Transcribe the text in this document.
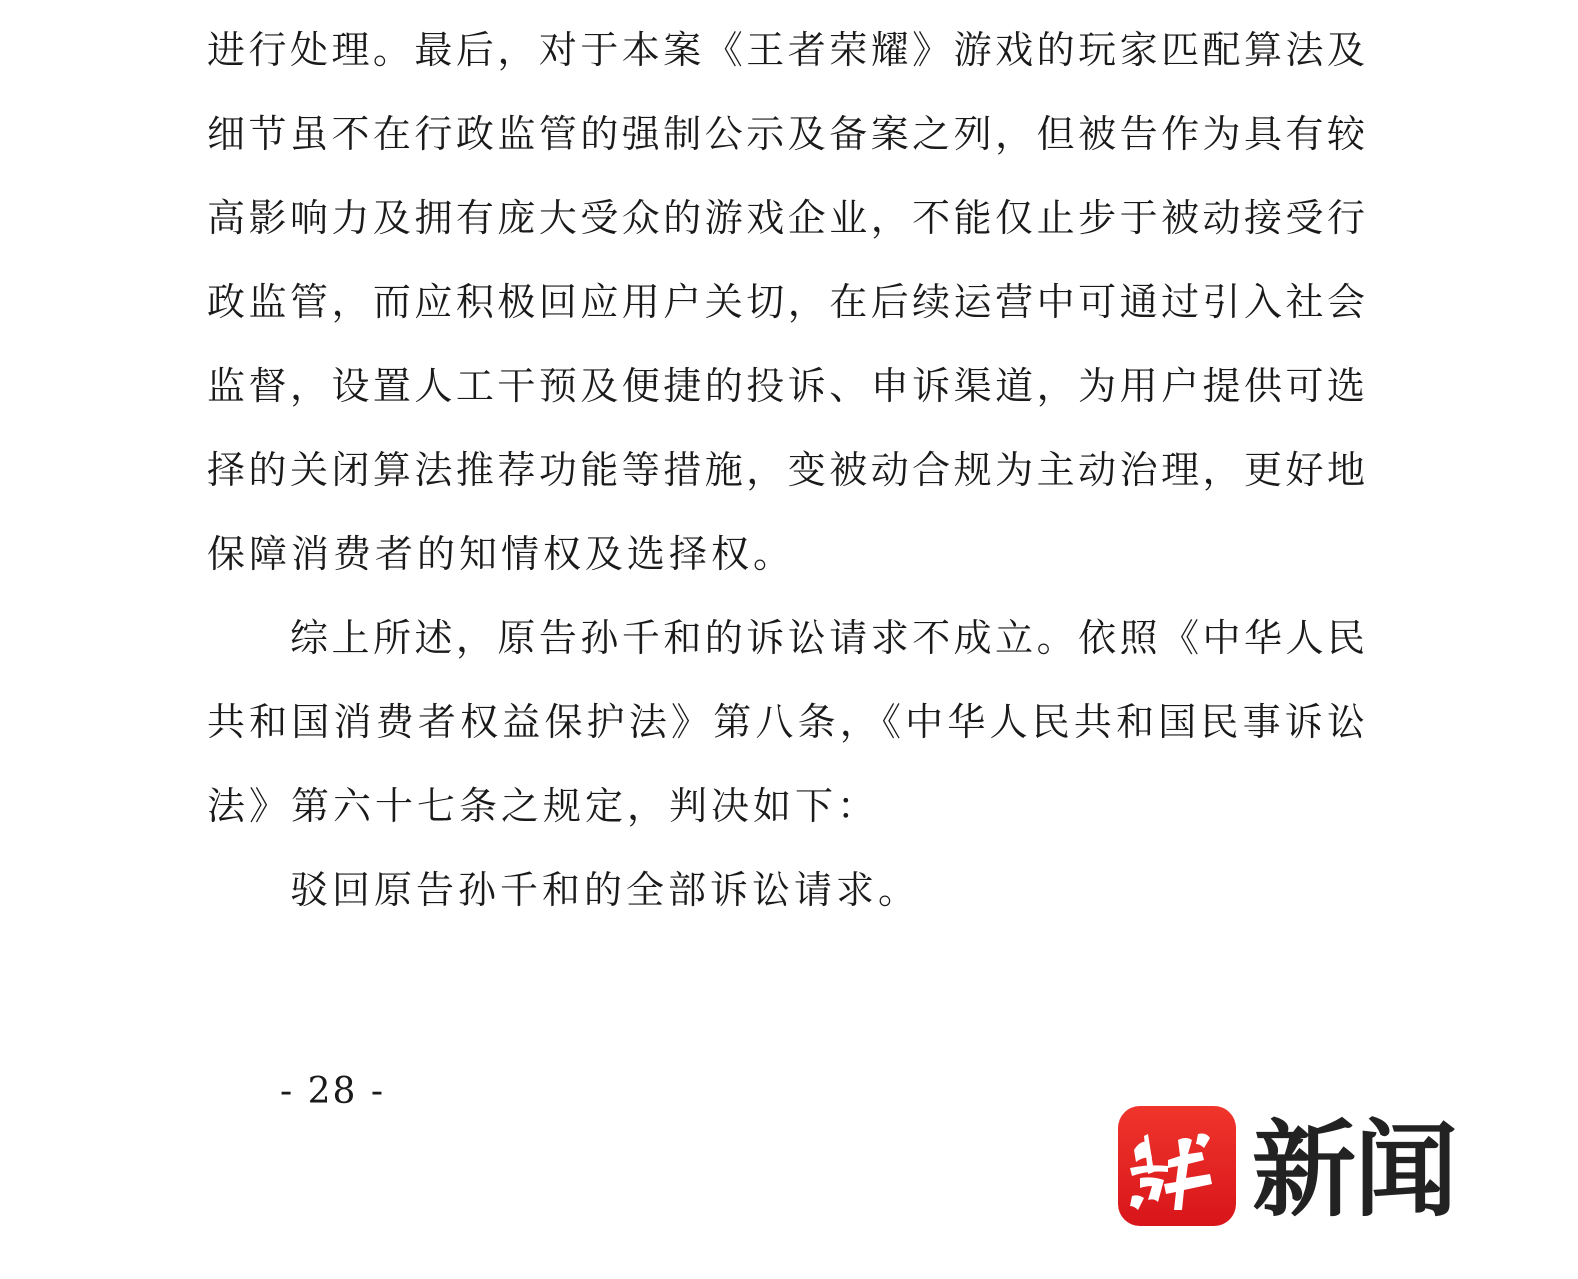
进行处理。最后，对于本案《王者荣耀》游戏的玩家匹配算法及
细节虽不在行政监管的强制公示及备案之列，但被告作为具有较
高影响力及拥有庞大受众的游戏企业，不能仅止步于被动接受行
政监管，而应积极回应用户关切，在后续运营中可通过引入社会
监督，设置人工干预及便捷的投诉、申诉渠道，为用户提供可选
择的关闭算法推荐功能等措施，变被动合规为主动治理，更好地
保障消费者的知情权及选择权。
综上所述，原告孙千和的诉讼请求不成立。依照《中华人民
共和国消费者权益保护法》第八条，《中华人民共和国民事诉讼
法》第六十七条之规定，判决如下：
驳回原告孙千和的全部诉讼请求。
- 28 -
新闻
